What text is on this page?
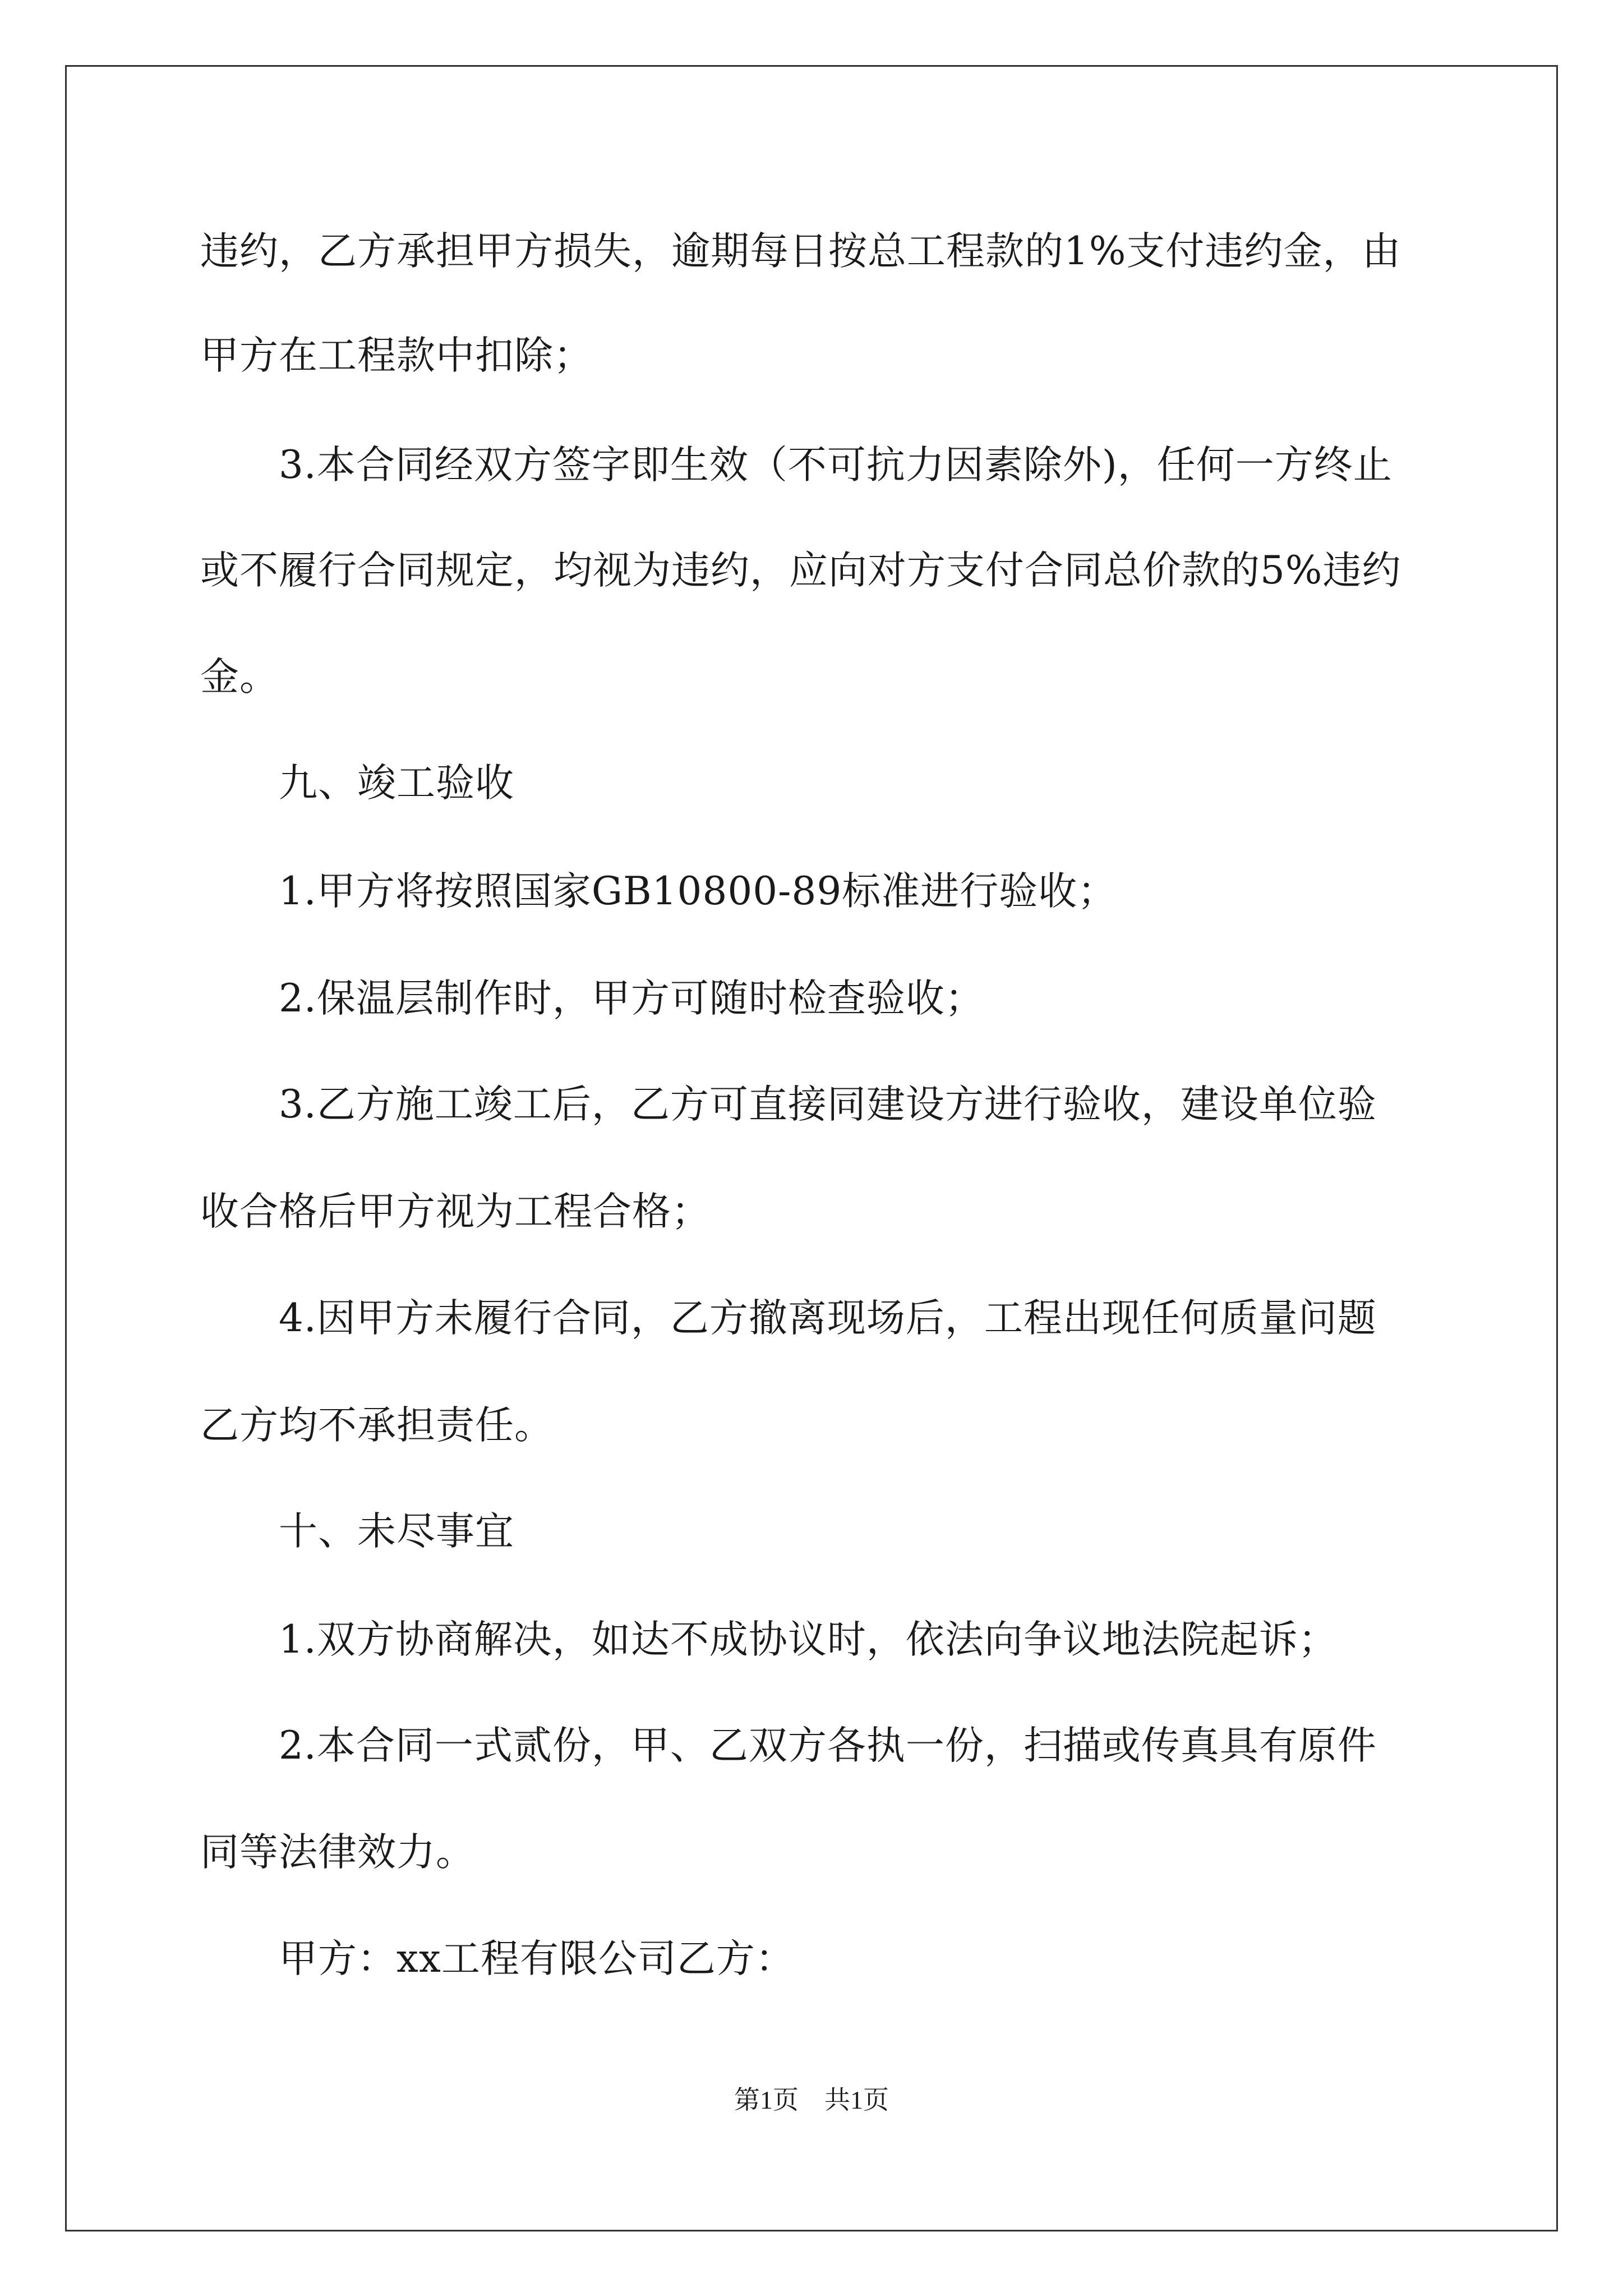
违约，乙方承担甲方损失，逾期每日按总工程款的1%支付违约金，由
甲方在工程款中扣除；
3.本合同经双方签字即生效（不可抗力因素除外)，任何一方终止
或不履行合同规定，均视为违约，应向对方支付合同总价款的5%违约
金。
九、竣工验收
1.甲方将按照国家GB10800-89标准进行验收；
2.保温层制作时，甲方可随时检查验收；
3.乙方施工竣工后，乙方可直接同建设方进行验收，建设单位验
收合格后甲方视为工程合格；
4.因甲方未履行合同，乙方撤离现场后，工程出现任何质量问题
乙方均不承担责任。
十、未尽事宜
1.双方协商解决，如达不成协议时，依法向争议地法院起诉；
2.本合同一式贰份，甲、乙双方各执一份，扫描或传真具有原件
同等法律效力。
甲方：xx工程有限公司乙方：
第1页　共1页
